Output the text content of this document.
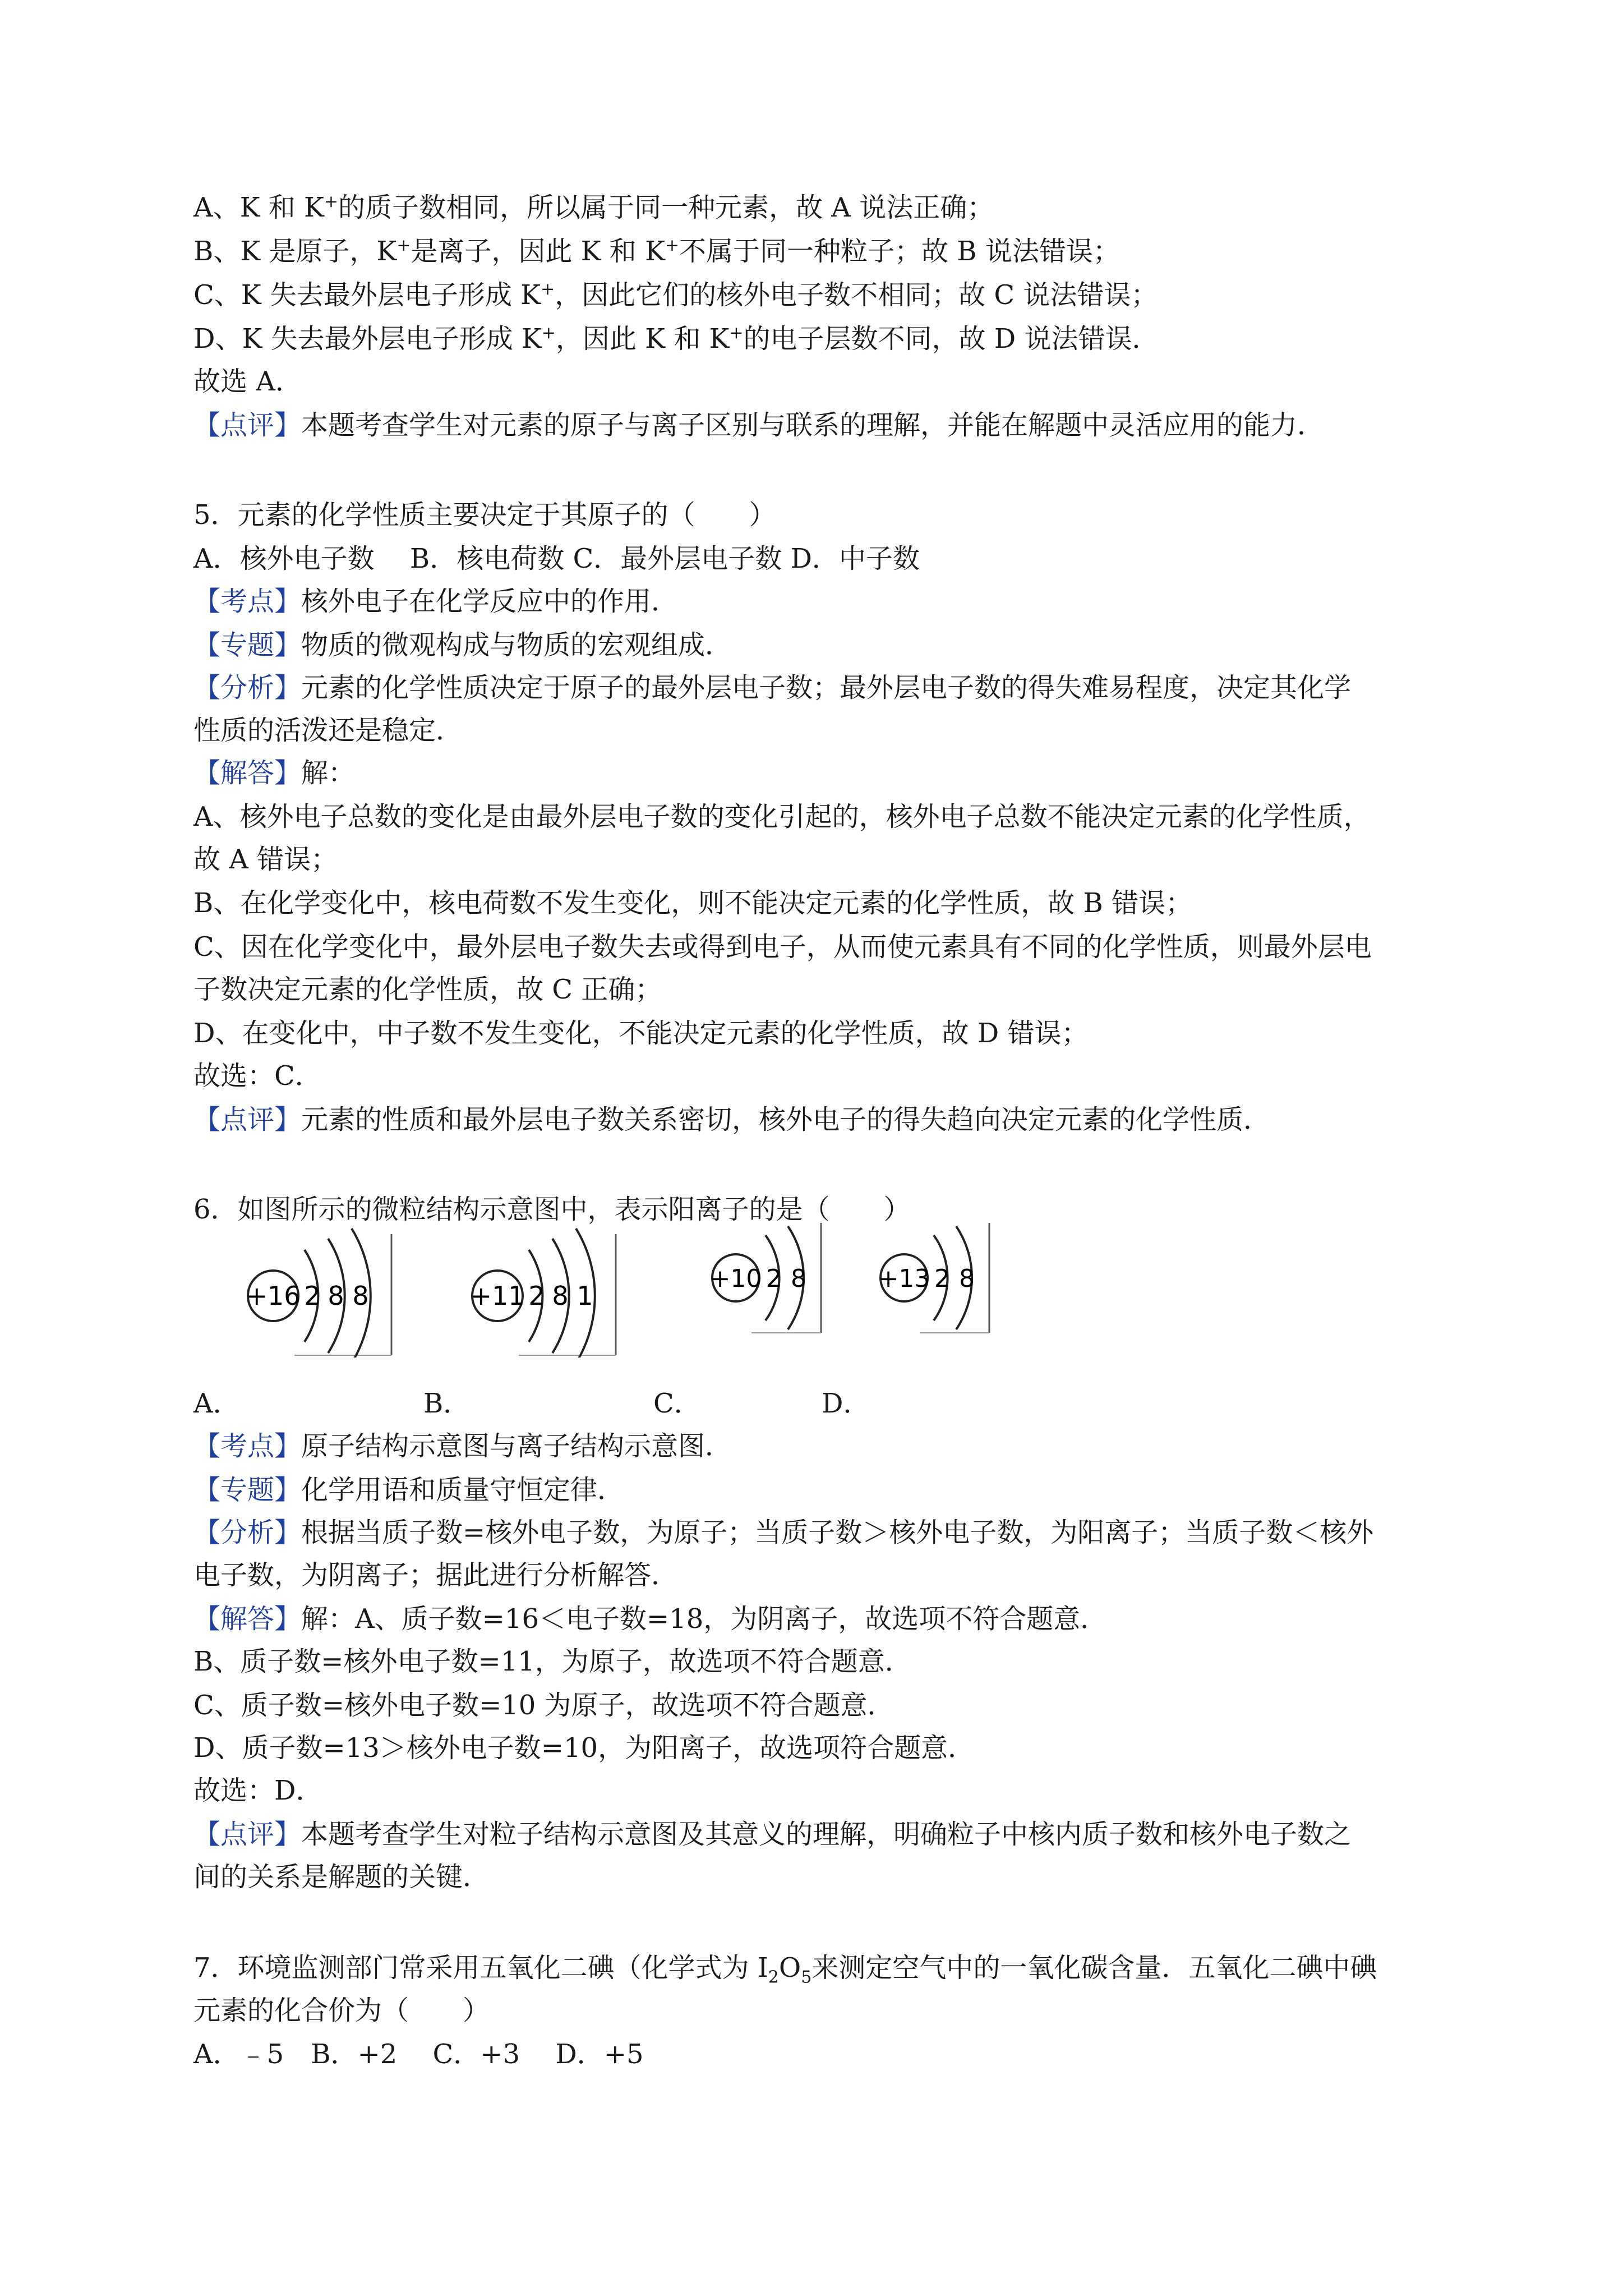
A、K 和 K+的质子数相同，所以属于同一种元素，故 A 说法正确；
B、K 是原子，K+是离子，因此 K 和 K+不属于同一种粒子；故 B 说法错误；
C、K 失去最外层电子形成 K+，因此它们的核外电子数不相同；故 C 说法错误；
D、K 失去最外层电子形成 K+，因此 K 和 K+的电子层数不同，故 D 说法错误．
故选 A．
【点评】本题考查学生对元素的原子与离子区别与联系的理解，并能在解题中灵活应用的能力．
5．元素的化学性质主要决定于其原子的（　　）
A．核外电子数　 B．核电荷数 C．最外层电子数 D．中子数
【考点】核外电子在化学反应中的作用．
【专题】物质的微观构成与物质的宏观组成．
【分析】元素的化学性质决定于原子的最外层电子数；最外层电子数的得失难易程度，决定其化学
性质的活泼还是稳定．
【解答】解：
A、核外电子总数的变化是由最外层电子数的变化引起的，核外电子总数不能决定元素的化学性质，
故 A 错误；
B、在化学变化中，核电荷数不发生变化，则不能决定元素的化学性质，故 B 错误；
C、因在化学变化中，最外层电子数失去或得到电子，从而使元素具有不同的化学性质，则最外层电
子数决定元素的化学性质，故 C 正确；
D、在变化中，中子数不发生变化，不能决定元素的化学性质，故 D 错误；
故选：C．
【点评】元素的性质和最外层电子数关系密切，核外电子的得失趋向决定元素的化学性质．
6．如图所示的微粒结构示意图中，表示阳离子的是（　　）
+16 2 8 8	+11 2 8 1
+10 2 8	+13 2 8
A．	B．	C．	D．
【考点】原子结构示意图与离子结构示意图．
【专题】化学用语和质量守恒定律．
【分析】根据当质子数=核外电子数，为原子；当质子数＞核外电子数，为阳离子；当质子数＜核外
电子数，为阴离子；据此进行分析解答．
【解答】解：A、质子数=16＜电子数=18，为阴离子，故选项不符合题意．
B、质子数=核外电子数=11，为原子，故选项不符合题意．
C、质子数=核外电子数=10 为原子，故选项不符合题意．
D、质子数=13＞核外电子数=10，为阳离子，故选项符合题意．
故选：D．
【点评】本题考查学生对粒子结构示意图及其意义的理解，明确粒子中核内质子数和核外电子数之
间的关系是解题的关键．
7．环境监测部门常采用五氧化二碘（化学式为 $I_2O_5$来测定空气中的一氧化碳含量．五氧化二碘中碘
元素的化合价为（　　）
A．﹣5　B．+2　 C．+3　 D．+5
